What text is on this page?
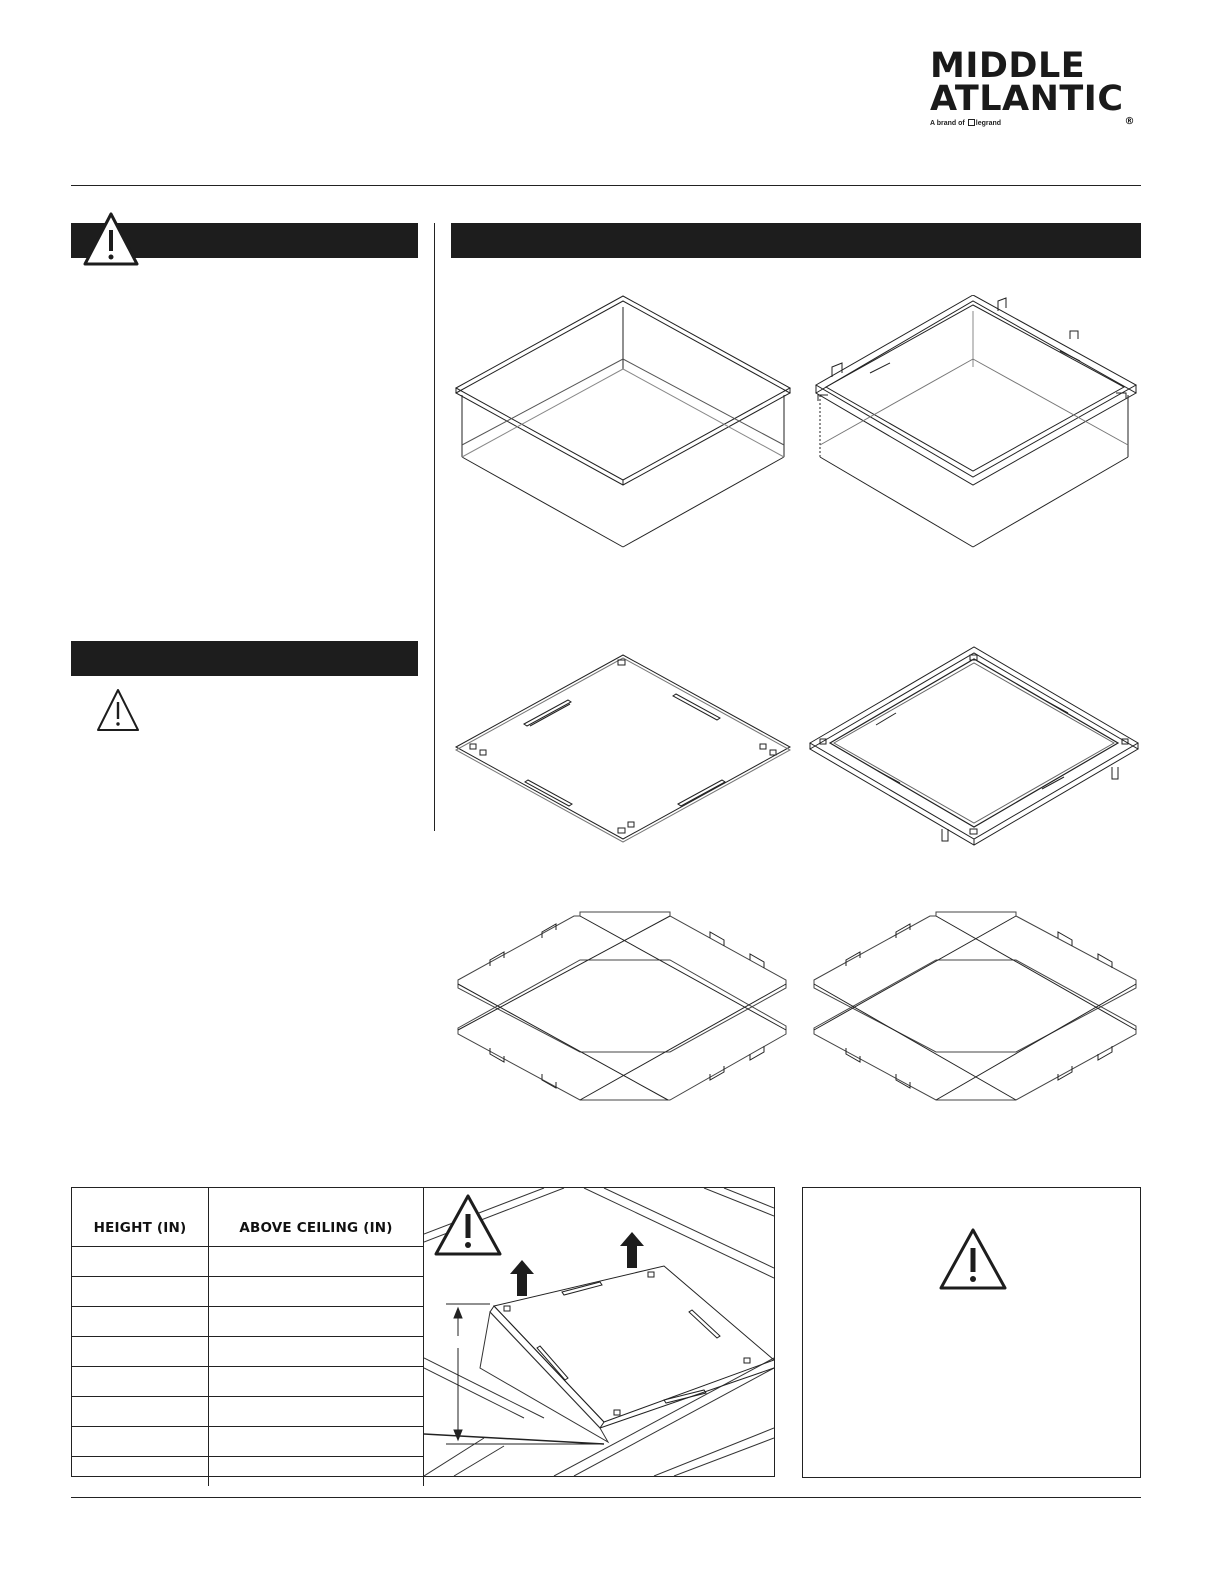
MIDDLE
ATLANTIC®
A brand of legrand
HEIGHT (IN)	ABOVE CEILING (IN)
